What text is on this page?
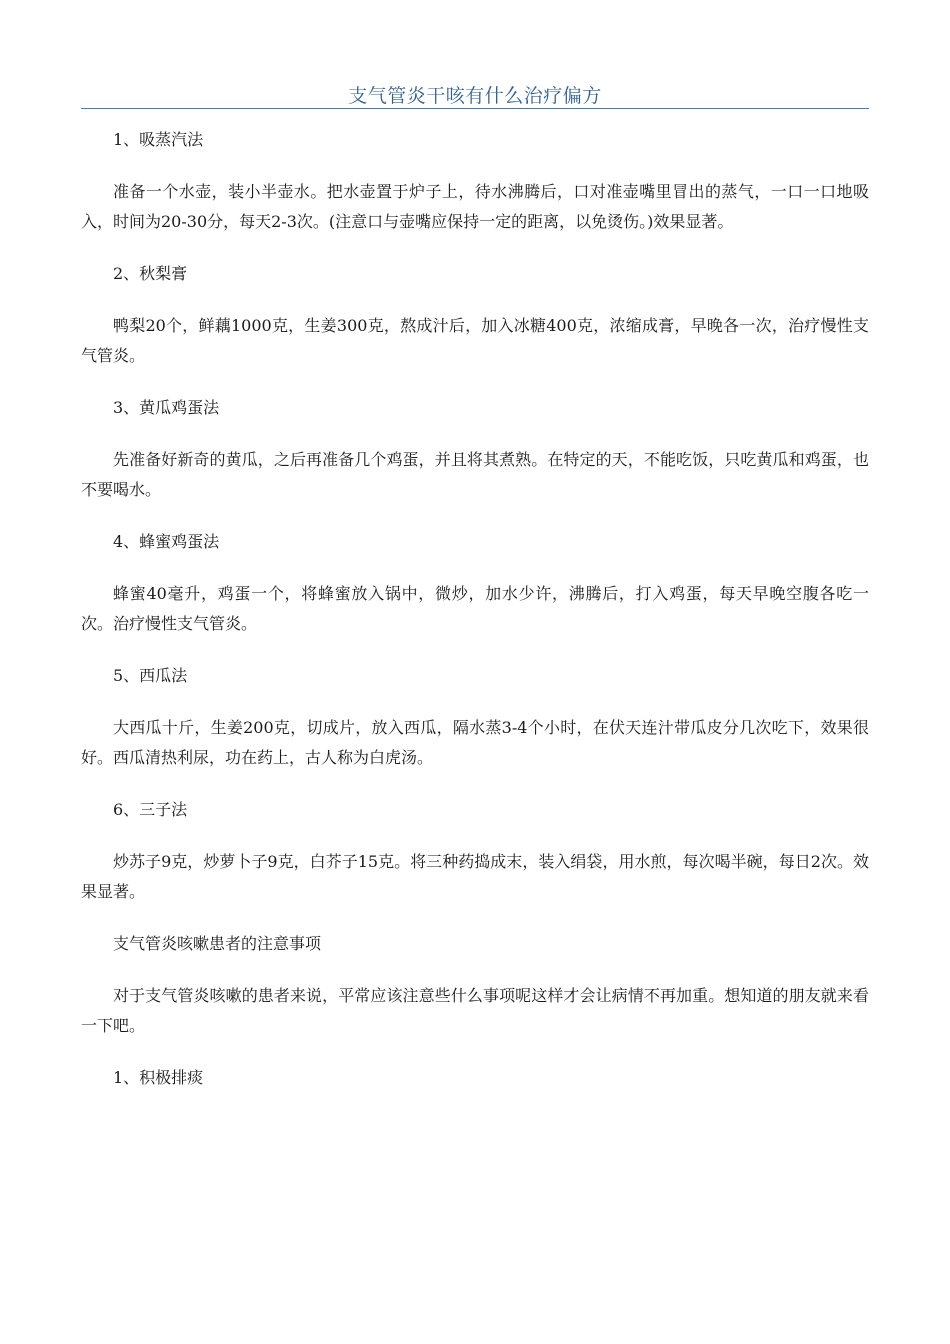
支气管炎干咳有什么治疗偏方

1、吸蒸汽法

准备一个水壶，装小半壶水。把水壶置于炉子上，待水沸腾后，口对准壶嘴里冒出的蒸气，一口一口地吸入，时间为20-30分，每天2-3次。(注意口与壶嘴应保持一定的距离，以免烫伤。)效果显著。

2、秋梨膏

鸭梨20个，鲜藕1000克，生姜300克，熬成汁后，加入冰糖400克，浓缩成膏，早晚各一次，治疗慢性支气管炎。

3、黄瓜鸡蛋法

先准备好新奇的黄瓜，之后再准备几个鸡蛋，并且将其煮熟。在特定的天，不能吃饭，只吃黄瓜和鸡蛋，也不要喝水。

4、蜂蜜鸡蛋法

蜂蜜40毫升，鸡蛋一个，将蜂蜜放入锅中，微炒，加水少许，沸腾后，打入鸡蛋，每天早晚空腹各吃一次。治疗慢性支气管炎。

5、西瓜法

大西瓜十斤，生姜200克，切成片，放入西瓜，隔水蒸3-4个小时，在伏天连汁带瓜皮分几次吃下，效果很好。西瓜清热利尿，功在药上，古人称为白虎汤。

6、三子法

炒苏子9克，炒萝卜子9克，白芥子15克。将三种药捣成末，装入绢袋，用水煎，每次喝半碗，每日2次。效果显著。

支气管炎咳嗽患者的注意事项

对于支气管炎咳嗽的患者来说，平常应该注意些什么事项呢这样才会让病情不再加重。想知道的朋友就来看一下吧。

1、积极排痰
